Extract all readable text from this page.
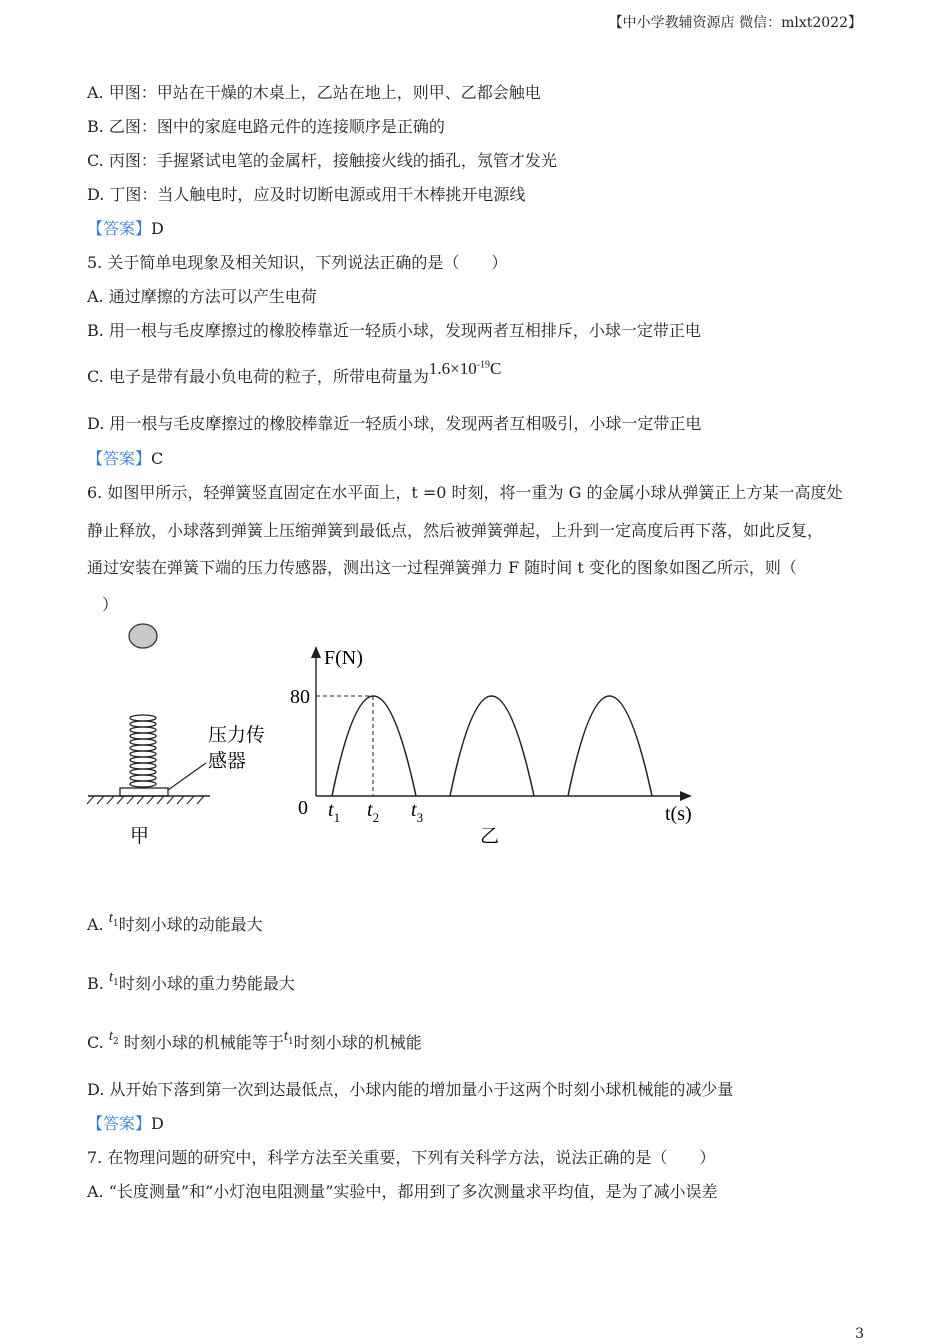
【中小学教辅资源店 微信：mlxt2022】
A. 甲图：甲站在干燥的木桌上，乙站在地上，则甲、乙都会触电
B. 乙图：图中的家庭电路元件的连接顺序是正确的
C. 丙图：手握紧试电笔的金属杆，接触接火线的插孔，氖管才发光
D. 丁图：当人触电时，应及时切断电源或用干木棒挑开电源线
【答案】D
5. 关于简单电现象及相关知识，下列说法正确的是（　　）
A. 通过摩擦的方法可以产生电荷
B. 用一根与毛皮摩擦过的橡胶棒靠近一轻质小球，发现两者互相排斥，小球一定带正电
C. 电子是带有最小负电荷的粒子，所带电荷量为$1.6\times 10^{-19}C$
D. 用一根与毛皮摩擦过的橡胶棒靠近一轻质小球，发现两者互相吸引，小球一定带正电
【答案】C
6. 如图甲所示，轻弹簧竖直固定在水平面上，t =0 时刻，将一重为 G 的金属小球从弹簧正上方某一高度处
静止释放，小球落到弹簧上压缩弹簧到最低点，然后被弹簧弹起，上升到一定高度后再下落，如此反复，
通过安装在弹簧下端的压力传感器，测出这一过程弹簧弹力 F 随时间 t 变化的图象如图乙所示，则（
）
压力传
感器
甲
F(N)
t(s)
0
80
$t_1$ $t_2$ $t_3$
乙
A. $t^1$时刻小球的动能最大
B. $t^1$时刻小球的重力势能最大
C. $t^2$ 时刻小球的机械能等于$t^1$时刻小球的机械能
D. 从开始下落到第一次到达最低点，小球内能的增加量小于这两个时刻小球机械能的减少量
【答案】D
7. 在物理问题的研究中，科学方法至关重要，下列有关科学方法，说法正确的是（　　）
A. “长度测量”和”小灯泡电阻测量”实验中，都用到了多次测量求平均值，是为了减小误差
3
